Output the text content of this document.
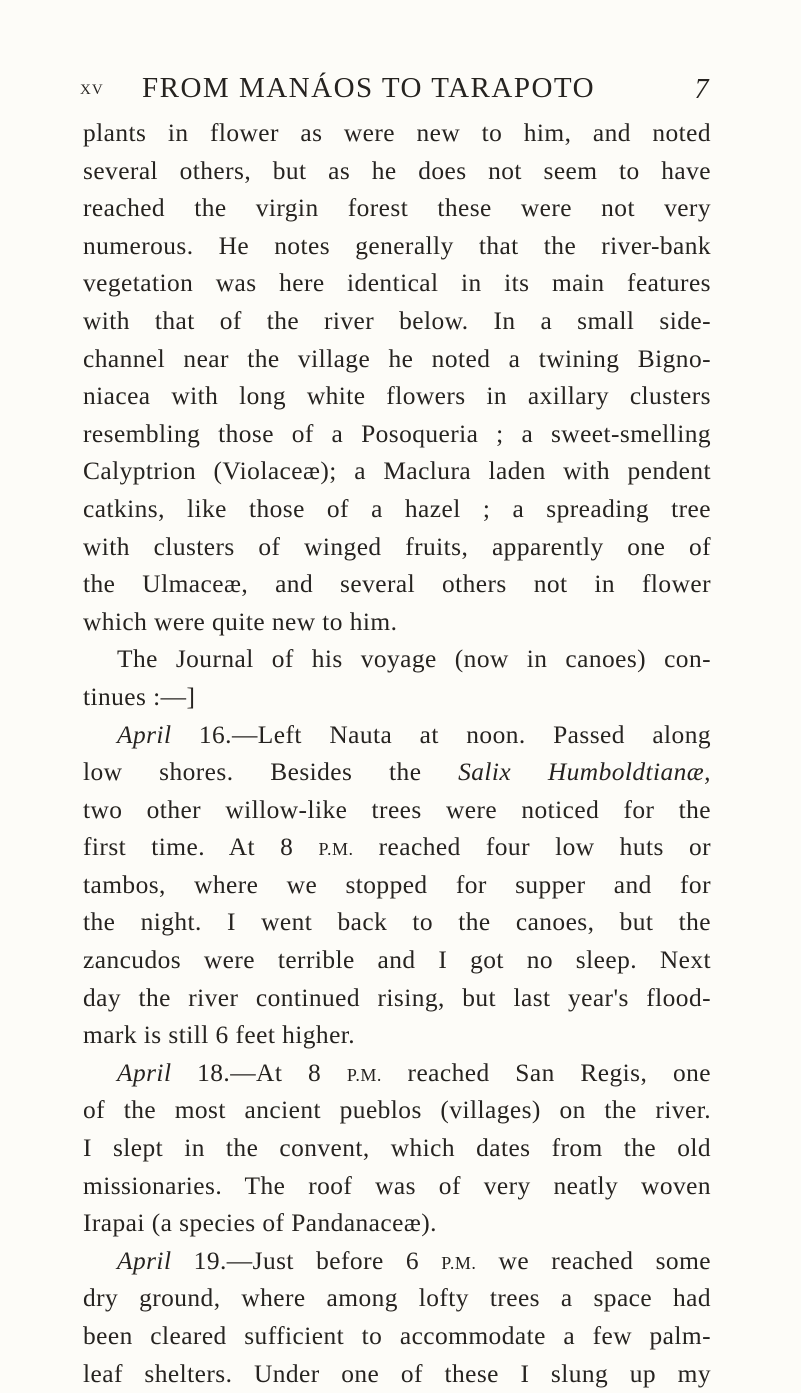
XV FROM MANÁOS TO TARAPOTO	7
plants in flower as were new to him, and noted
several others, but as he does not seem to have
reached the virgin forest these were not very
numerous. He notes generally that the river-bank
vegetation was here identical in its main features
with that of the river below. In a small side-
channel near the village he noted a twining Bigno-
niacea with long white flowers in axillary clusters
resembling those of a Posoqueria ; a sweet-smelling
Calyptrion (Violaceæ); a Maclura laden with pendent
catkins, like those of a hazel ; a spreading tree
with clusters of winged fruits, apparently one of
the Ulmaceæ, and several others not in flower
which were quite new to him.
The Journal of his voyage (now in canoes) con-
tinues :—]
April 16.—Left Nauta at noon. Passed along
low shores. Besides the Salix Humboldtianæ,
two other willow-like trees were noticed for the
first time. At 8 P.M. reached four low huts or
tambos, where we stopped for supper and for
the night. I went back to the canoes, but the
zancudos were terrible and I got no sleep. Next
day the river continued rising, but last year's flood-
mark is still 6 feet higher.
April 18.—At 8 P.M. reached San Regis, one
of the most ancient pueblos (villages) on the river.
I slept in the convent, which dates from the old
missionaries. The roof was of very neatly woven
Irapai (a species of Pandanaceæ).
April 19.—Just before 6 P.M. we reached some
dry ground, where among lofty trees a space had
been cleared sufficient to accommodate a few palm-
leaf shelters. Under one of these I slung up my
